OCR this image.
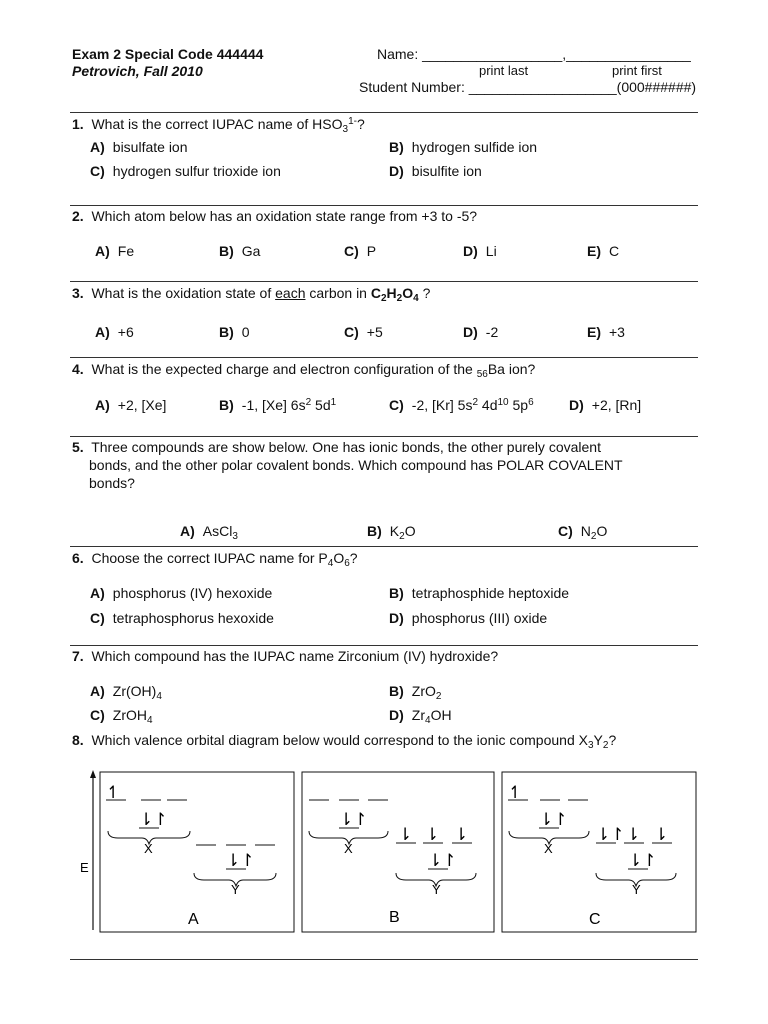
Exam 2 Special Code 444444
Petrovich, Fall 2010
Name: __________________,________________
print last	print first
Student Number: ___________________(000######)
1. What is the correct IUPAC name of $HSO_3^{1-}$?
A) bisulfate ion	B) hydrogen sulfide ion
C) hydrogen sulfur trioxide ion	D) bisulfite ion
2. Which atom below has an oxidation state range from +3 to -5?
A) Fe	B) Ga	C) P	D) Li	E) C
3. What is the oxidation state of each carbon in $C_2H_2O_4$ ?
A) +6	B) 0	C) +5	D) -2	E) +3
4. What is the expected charge and electron configuration of the $_{56}$Ba ion?
A) +2, [Xe]	B) -1, [Xe] $6s^2$ $5d^1$	C) -2, [Kr] $5s^2$ $4d^{10}$ $5p^6$	D) +2, [Rn]
5. Three compounds are show below. One has ionic bonds, the other purely covalent
bonds, and the other polar covalent bonds. Which compound has POLAR COVALENT
bonds?
A) AsCl$_3$	B) $K_2O$	C) $N_2O$
6. Choose the correct IUPAC name for $P_4O_6$?
A) phosphorus (IV) hexoxide	B) tetraphosphide heptoxide
C) tetraphosphorus hexoxide	D) phosphorus (III) oxide
7. Which compound has the IUPAC name Zirconium (IV) hydroxide?
A) $Zr(OH)_4$	B) ZrO$_2$
C) ZrOH$_4$	D) $Zr_4OH$
8. Which valence orbital diagram below would correspond to the ionic compound $X_3Y_2$?
E
↿
⇂↾
X
⇂↾
Y
A
⇂↾
X
⇂ ⇂ ⇂
⇂↾
Y
B
↿
⇂↾
X
⇂↾ ⇂ ⇂
⇂↾
Y
C
